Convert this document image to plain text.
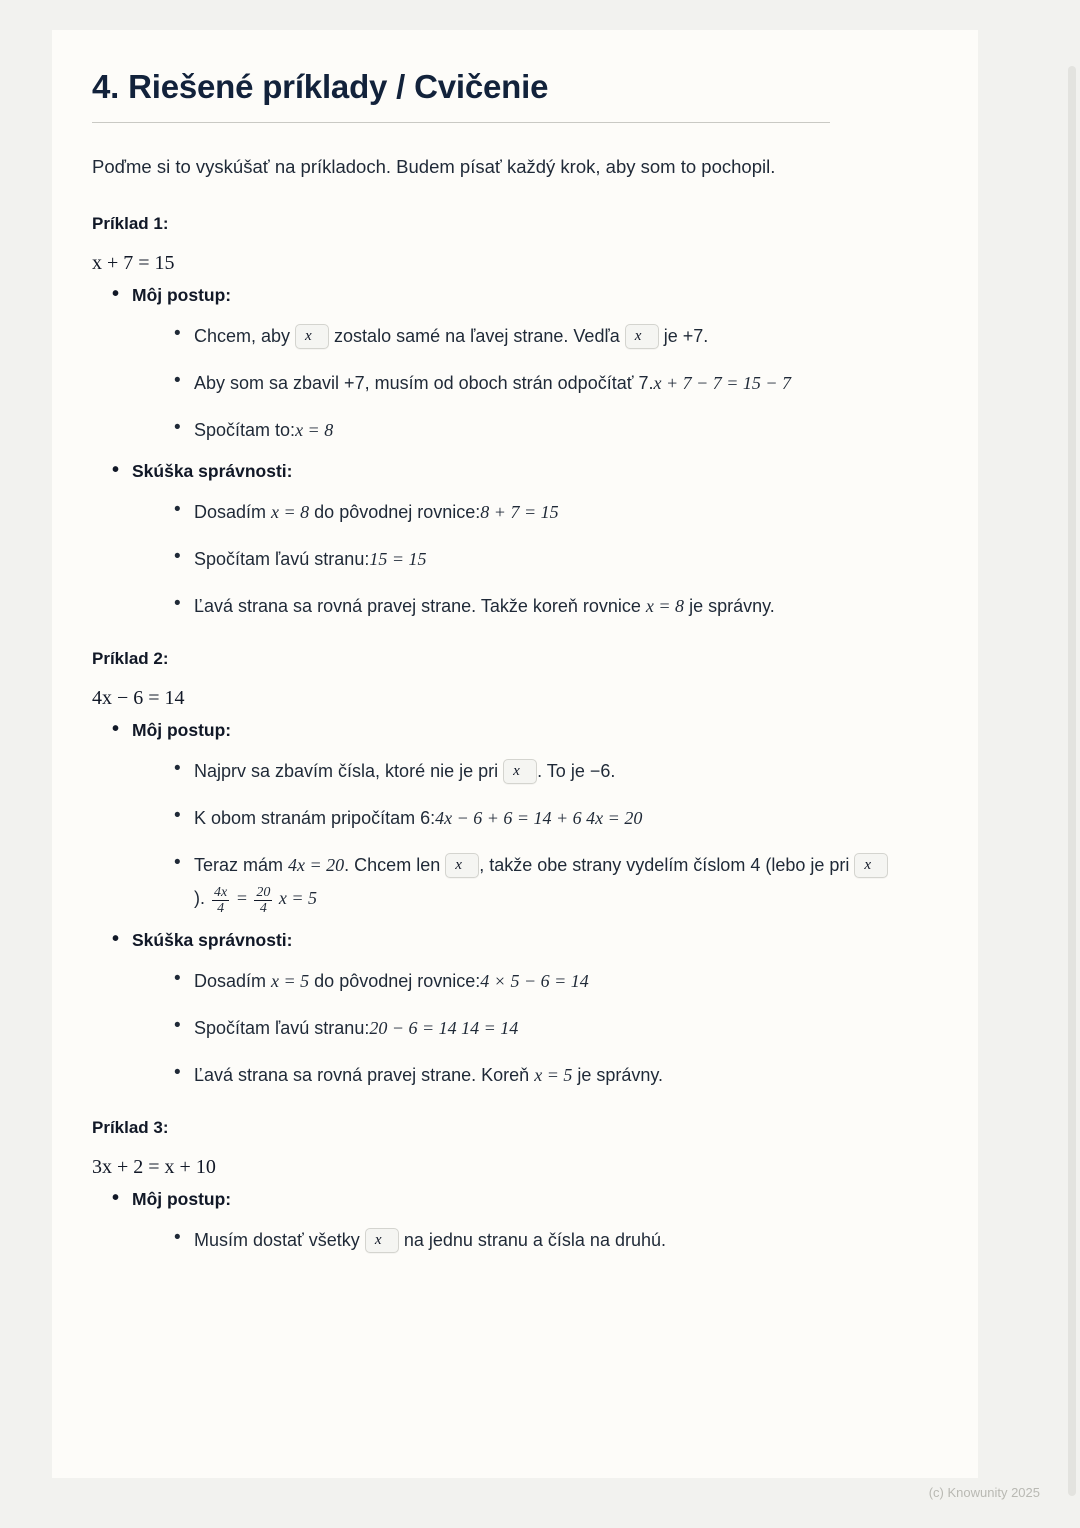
4. Riešené príklady / Cvičenie

Poďme si to vyskúšať na príkladoch. Budem písať každý krok, aby som to pochopil.

Príklad 1:
x + 7 = 15
• Môj postup:
• Chcem, aby x zostalo samé na ľavej strane. Vedľa x je +7.
• Aby som sa zbavil +7, musím od oboch strán odpočítať 7.x + 7 − 7 = 15 − 7
• Spočítam to:x = 8
• Skúška správnosti:
• Dosadím x = 8 do pôvodnej rovnice:8 + 7 = 15
• Spočítam ľavú stranu:15 = 15
• Ľavá strana sa rovná pravej strane. Takže koreň rovnice x = 8 je správny.
Príklad 2:
4x − 6 = 14
• Môj postup:
• Najprv sa zbavím čísla, ktoré nie je pri x . To je −6.
• K obom stranám pripočítam 6:4x − 6 + 6 = 14 + 6 4x = 20
• Teraz mám 4x = 20. Chcem len x , takže obe strany vydelím číslom 4 (lebo je pri x). $\frac{4x}{4} = \frac{20}{4}$ x = 5
• Skúška správnosti:
• Dosadím x = 5 do pôvodnej rovnice:4 × 5 − 6 = 14
• Spočítam ľavú stranu:20 − 6 = 14 14 = 14
• Ľavá strana sa rovná pravej strane. Koreň x = 5 je správny.
Príklad 3:
3x + 2 = x + 10
• Môj postup:
• Musím dostať všetky x na jednu stranu a čísla na druhú.
(c) Knowunity 2025
